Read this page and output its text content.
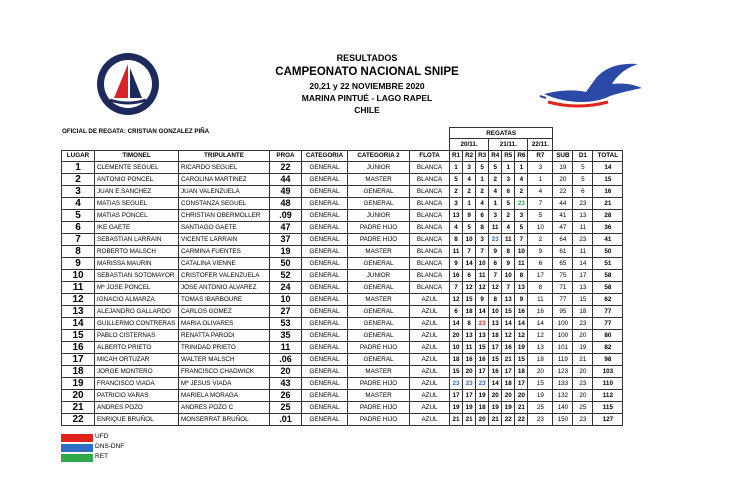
RESULTADOS
CAMPEONATO NACIONAL SNIPE
20,21 y 22 NOVIEMBRE 2020
MARINA PINTUÉ - LAGO RAPEL
CHILE
INTERNATIONAL SNIPE CLASS
OFICIAL DE REGATA: CRISTIAN GONZALEZ PIÑA
							REGATAS									
							20/11.			21/11.			22/11.			
LUGAR	TIMONEL	TRIPULANTE	PROA	CATEGORIA	CATEGORIA 2	FLOTA	R1	R2	R3	R4	R5	R6	R7	SUB	D1	TOTAL
1	CLEMENTE SEGUEL	RICARDO SEGUEL	22	GENERAL	JUNIOR	BLANCA	1	3	5	5	1	1	3	19	5	14
2	ANTONIO PONCEL	CAROLINA MARTINEZ	44	GENERAL	MASTER	BLANCA	5	4	1	2	3	4	1	20	5	15
3	JUAN E.SANCHEZ	JUAN VALENZUELA	49	GENERAL	GENERAL	BLANCA	2	2	2	4	6	2	4	22	6	16
4	MATIAS SEGUEL	CONSTANZA SEGUEL	48	GENERAL	GENERAL	BLANCA	3	1	4	1	5	23	7	44	23	21
5	MATIAS PONCEL	CHRISTIAN OBERMOLLER	.09	GENERAL	JUNIOR	BLANCA	13	9	6	3	2	3	5	41	13	28
6	IKE GAETE	SANTIAGO GAETE	47	GENERAL	PADRE HIJO	BLANCA	4	5	8	11	4	5	10	47	11	36
7	SEBASTIAN LARRAIN	VICENTE LARRAIN	37	GENERAL	PADRE HIJO	BLANCA	8	10	3	23	11	7	2	64	23	41
8	ROBERTO MALSCH	CARMINA FUENTES	19	GENERAL	MASTER	BLANCA	11	7	7	9	8	10	9	61	11	50
9	MARISSA MAURIN	CATALINA VIENNE	50	GENERAL	GENERAL	BLANCA	9	14	10	6	9	11	6	65	14	51
10	SEBASTIAN SOTOMAYOR	CRISTOFER VALENZUELA	52	GENERAL	JUNIOR	BLANCA	16	6	11	7	10	8	17	75	17	58
11	Mª JOSE PONCEL	JOSE ANTONIO ALVAREZ	24	GENERAL	GENERAL	BLANCA	7	12	12	12	7	13	8	71	13	58
12	IGNACIO ALMARZA	TOMAS IBARBOURE	10	GENERAL	MASTER	AZUL	12	15	9	8	13	9	11	77	15	62
13	ALEJANDRO GALLARDO	CARLOS GOMEZ	27	GENERAL	GENERAL	AZUL	6	18	14	10	15	16	16	95	18	77
14	GUILLERMO CONTRERAS	MARIA OLIVARES	53	GENERAL	GENERAL	AZUL	14	8	23	13	14	14	14	100	23	77
15	PABLO CISTERNAS	RENATTA PARODI	35	GENERAL	GENERAL	AZUL	20	13	13	18	12	12	12	100	20	80
16	ALBERTO PRIETO	TRINIDAD PRIETO	11	GENERAL	PADRE HIJO	AZUL	10	11	15	17	16	19	13	101	19	82
17	MICAH ORTUZAR	WALTER MALSCH	.06	GENERAL	GENERAL	AZUL	18	16	16	15	21	15	18	119	21	98
18	JORGE MONTERO	FRANCISCO CHADWICK	20	GENERAL	MASTER	AZUL	15	20	17	16	17	18	20	123	20	103
19	FRANCISCO VIADA	Mª JESUS VIADA	43	GENERAL	PADRE HIJO	AZUL	23	23	23	14	18	17	15	133	23	110
20	PATRICIO VARAS	MARIELA MORAGA	26	GENERAL	MASTER	AZUL	17	17	19	20	20	20	19	132	20	112
21	ANDRES POZO	ANDRES POZO C	25	GENERAL	PADRE HIJO	AZUL	19	19	18	19	19	21	25	140	25	115
22	ENRIQUE BRUÑOL	MONSERRAT BRUÑOL	.01	GENERAL	PADRE HIJO	AZUL	21	21	20	21	22	22	23	150	23	127
UFD
DNS-DNF
RET
